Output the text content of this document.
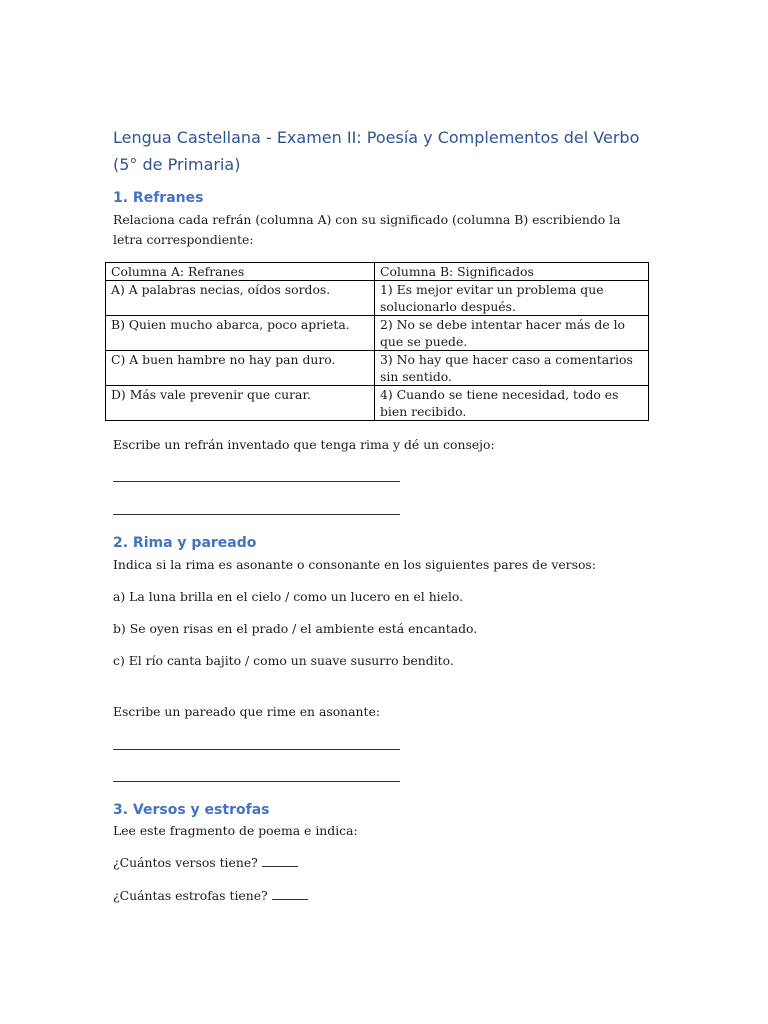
Lengua Castellana - Examen II: Poesía y Complementos del Verbo (5° de Primaria)
1. Refranes

Relaciona cada refrán (columna A) con su significado (columna B) escribiendo la letra correspondiente:

Columna A: Refranes	Columna B: Significados
A) A palabras necias, oídos sordos.	1) Es mejor evitar un problema que solucionarlo después.
B) Quien mucho abarca, poco aprieta.	2) No se debe intentar hacer más de lo que se puede.
C) A buen hambre no hay pan duro.	3) No hay que hacer caso a comentarios sin sentido.
D) Más vale prevenir que curar.	4) Cuando se tiene necesidad, todo es bien recibido.

Escribe un refrán inventado que tenga rima y dé un consejo:

2. Rima y pareado

Indica si la rima es asonante o consonante en los siguientes pares de versos:

a) La luna brilla en el cielo / como un lucero en el hielo.

b) Se oyen risas en el prado / el ambiente está encantado.

c) El río canta bajito / como un suave susurro bendito.

Escribe un pareado que rime en asonante:

3. Versos y estrofas

Lee este fragmento de poema e indica:

¿Cuántos versos tiene?

¿Cuántas estrofas tiene?
